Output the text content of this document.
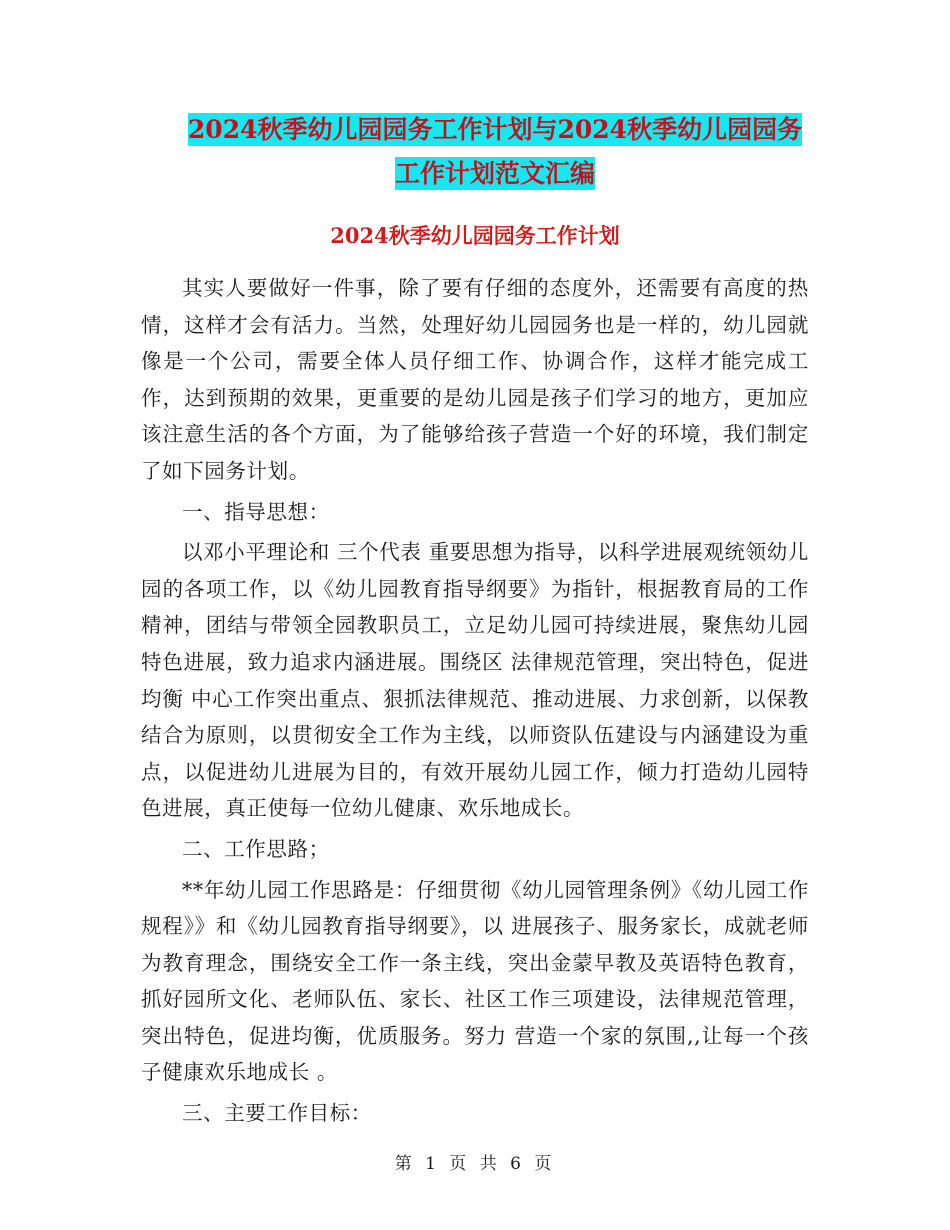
2024秋季幼儿园园务工作计划与2024秋季幼儿园园务
工作计划范文汇编
2024秋季幼儿园园务工作计划

其实人要做好一件事，除了要有仔细的态度外，还需要有高度的热情，这样才会有活力。当然，处理好幼儿园园务也是一样的，幼儿园就像是一个公司，需要全体人员仔细工作、协调合作，这样才能完成工作，达到预期的效果，更重要的是幼儿园是孩子们学习的地方，更加应该注意生活的各个方面，为了能够给孩子营造一个好的环境，我们制定了如下园务计划。

一、指导思想：

以邓小平理论和 三个代表 重要思想为指导，以科学进展观统领幼儿园的各项工作，以《幼儿园教育指导纲要》为指针，根据教育局的工作精神，团结与带领全园教职员工，立足幼儿园可持续进展，聚焦幼儿园特色进展，致力追求内涵进展。围绕区 法律规范管理，突出特色，促进均衡 中心工作突出重点、狠抓法律规范、推动进展、力求创新，以保教结合为原则，以贯彻安全工作为主线，以师资队伍建设与内涵建设为重点，以促进幼儿进展为目的，有效开展幼儿园工作，倾力打造幼儿园特色进展，真正使每一位幼儿健康、欢乐地成长。

二、工作思路；

**年幼儿园工作思路是：仔细贯彻《幼儿园管理条例》《幼儿园工作规程》》和《幼儿园教育指导纲要》，以 进展孩子、服务家长，成就老师 为教育理念，围绕安全工作一条主线，突出金蒙早教及英语特色教育，抓好园所文化、老师队伍、家长、社区工作三项建设，法律规范管理，突出特色，促进均衡，优质服务。努力 营造一个家的氛围,,让每一个孩子健康欢乐地成长 。

三、主要工作目标：

第 1 页 共 6 页
